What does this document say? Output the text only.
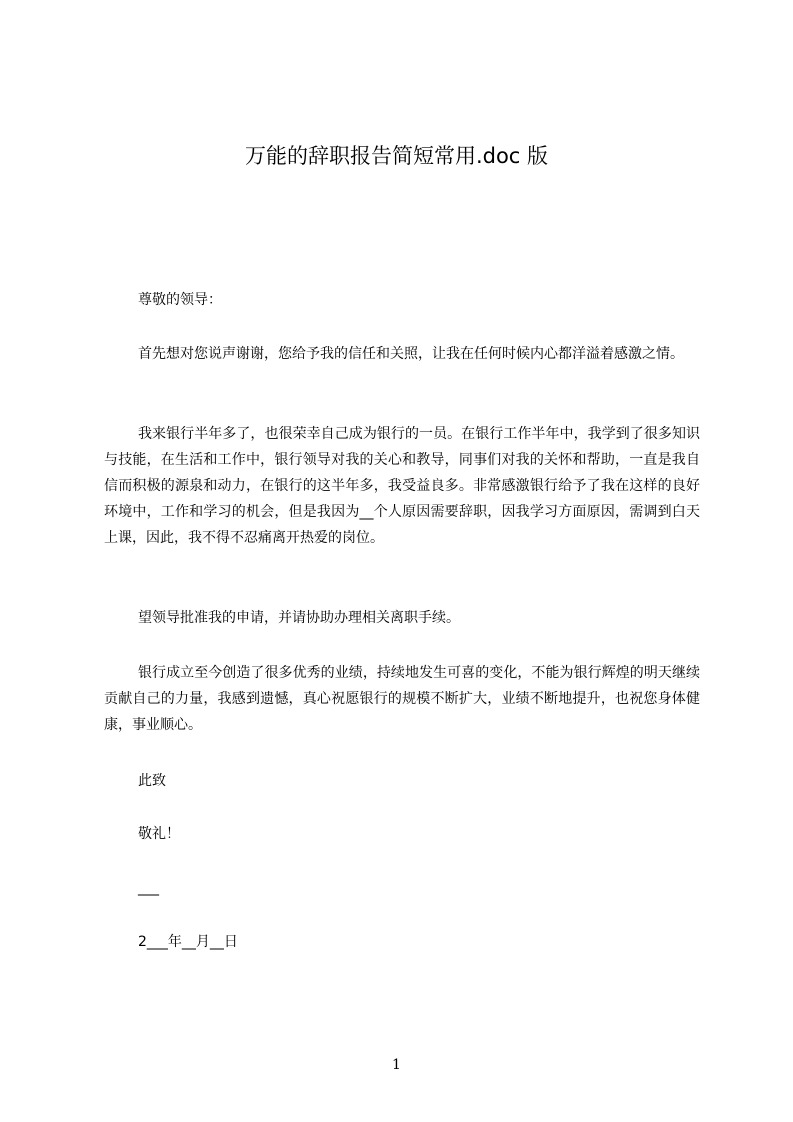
万能的辞职报告简短常用.doc 版
尊敬的领导：
首先想对您说声谢谢，您给予我的信任和关照，让我在任何时候内心都洋溢着感激之情。
我来银行半年多了，也很荣幸自己成为银行的一员。在银行工作半年中，我学到了很多知识与技能，在生活和工作中，银行领导对我的关心和教导，同事们对我的关怀和帮助，一直是我自信而积极的源泉和动力，在银行的这半年多，我受益良多。非常感激银行给予了我在这样的良好环境中，工作和学习的机会，但是我因为__个人原因需要辞职，因我学习方面原因，需调到白天上课，因此，我不得不忍痛离开热爱的岗位。
望领导批准我的申请，并请协助办理相关离职手续。
银行成立至今创造了很多优秀的业绩，持续地发生可喜的变化，不能为银行辉煌的明天继续贡献自己的力量，我感到遗憾，真心祝愿银行的规模不断扩大，业绩不断地提升，也祝您身体健康，事业顺心。
此致
敬礼！
___
2___年__月__日
1
